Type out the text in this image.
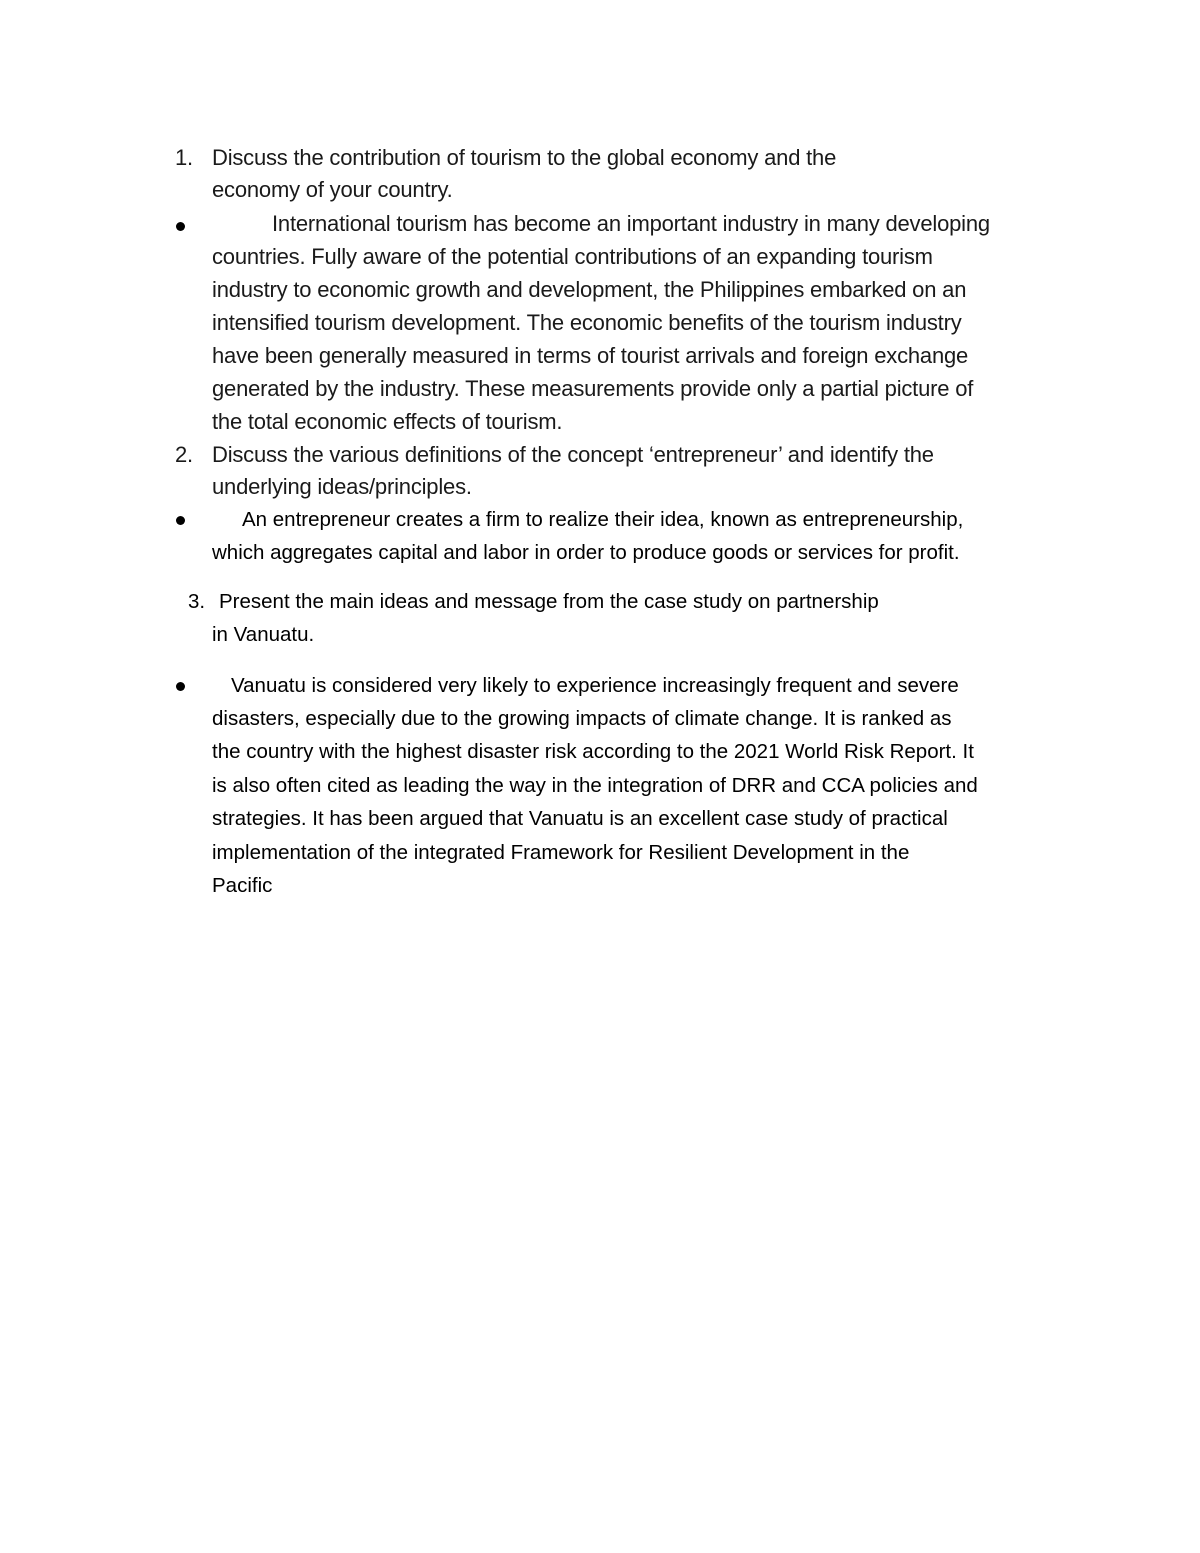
1. Discuss the contribution of tourism to the global economy and the

economy of your country.

International tourism has become an important industry in many developing

countries. Fully aware of the potential contributions of an expanding tourism

industry to economic growth and development, the Philippines embarked on an

intensified tourism development. The economic benefits of the tourism industry

have been generally measured in terms of tourist arrivals and foreign exchange

generated by the industry. These measurements provide only a partial picture of

the total economic effects of tourism.

2. Discuss the various definitions of the concept ‘entrepreneur’ and identify the

underlying ideas/principles.

An entrepreneur creates a firm to realize their idea, known as entrepreneurship,

which aggregates capital and labor in order to produce goods or services for profit.

3. Present the main ideas and message from the case study on partnership

in Vanuatu.

Vanuatu is considered very likely to experience increasingly frequent and severe

disasters, especially due to the growing impacts of climate change. It is ranked as

the country with the highest disaster risk according to the 2021 World Risk Report. It

is also often cited as leading the way in the integration of DRR and CCA policies and

strategies. It has been argued that Vanuatu is an excellent case study of practical

implementation of the integrated Framework for Resilient Development in the

Pacific
